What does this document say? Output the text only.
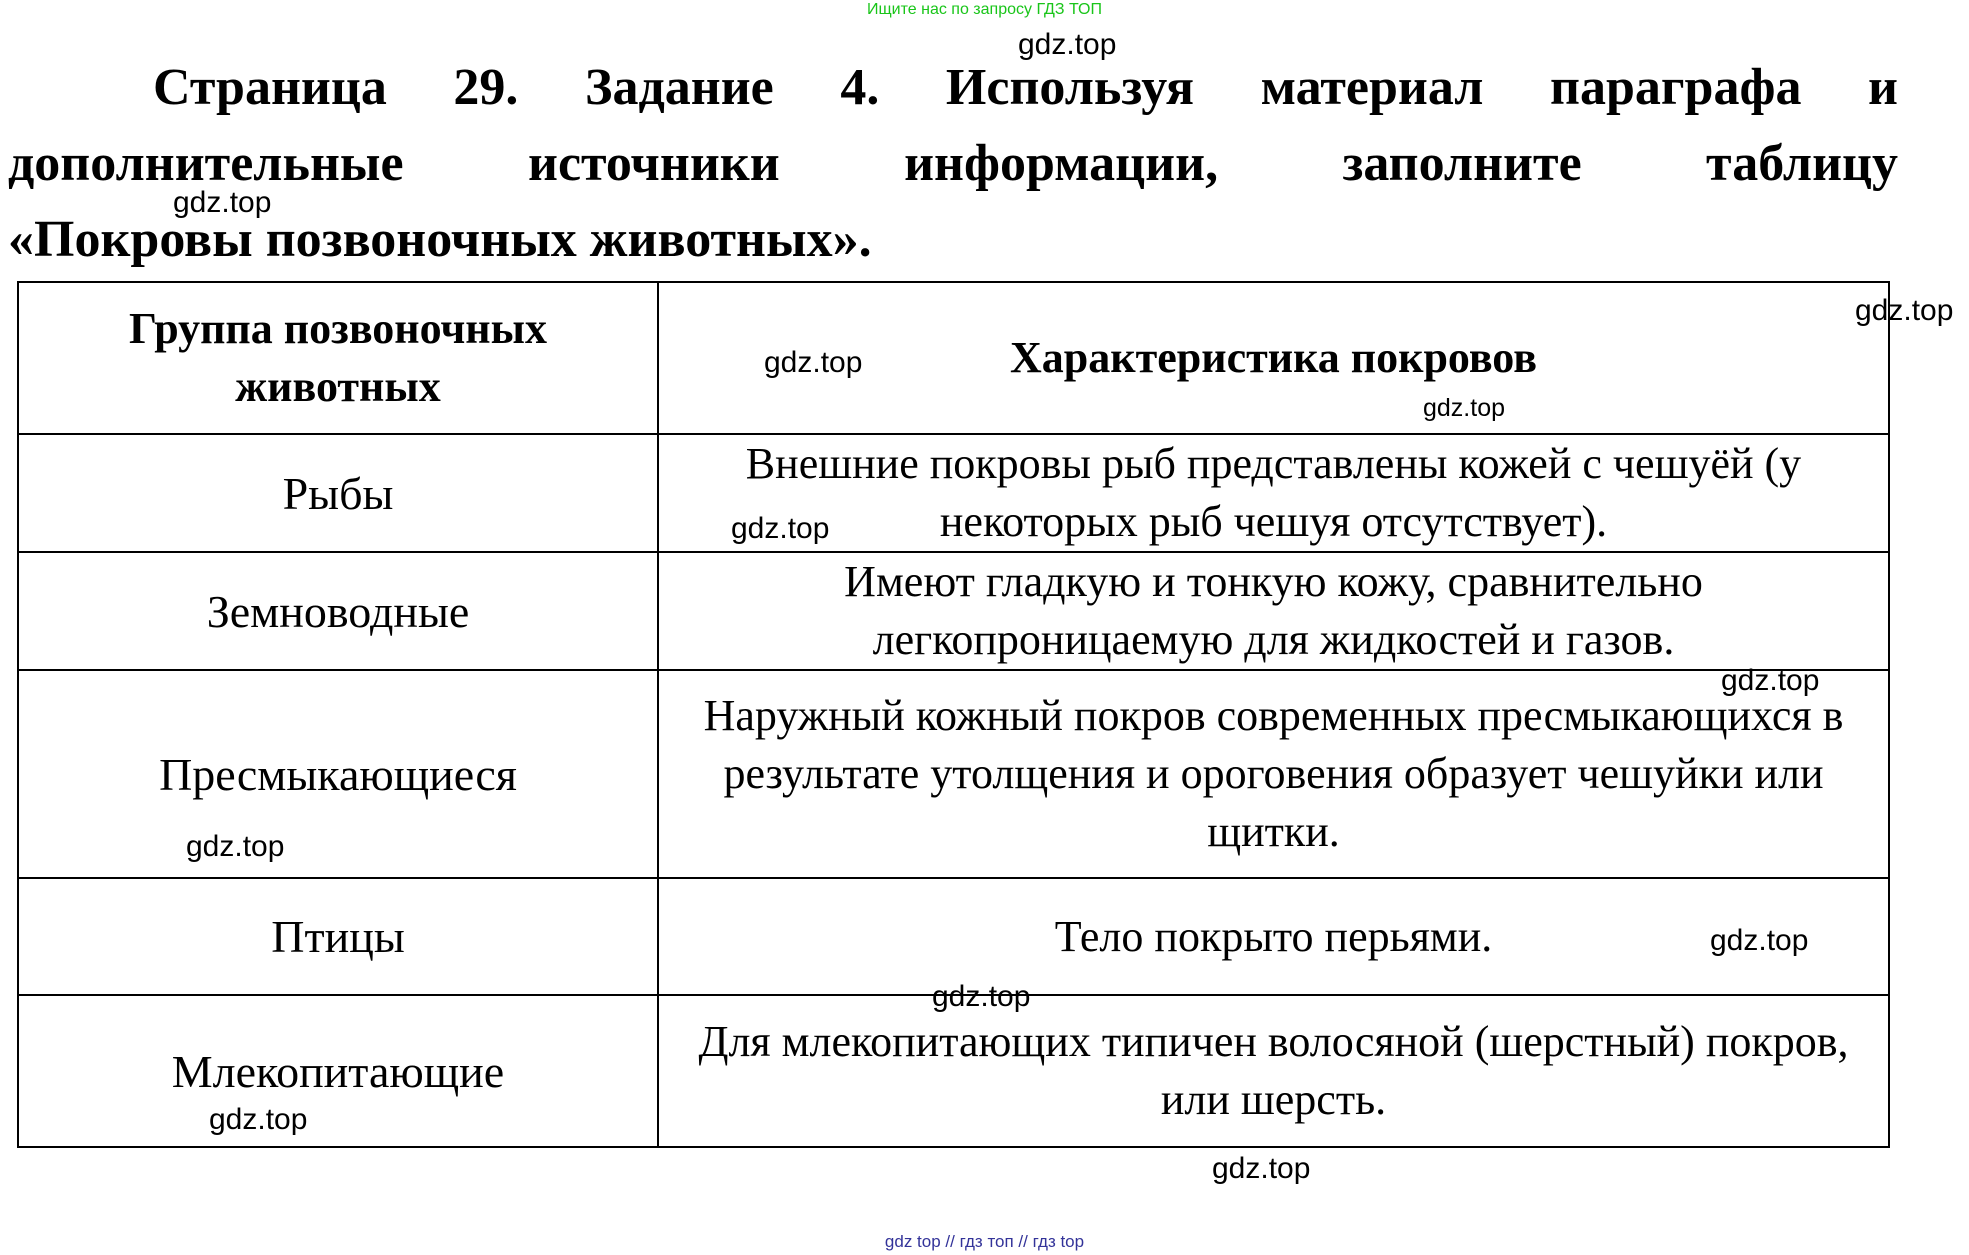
Ищите нас по запросу ГДЗ ТОП
Страница 29. Задание 4. Используя материал параграфа и
дополнительные источники информации, заполните таблицу
«Покровы позвоночных животных».
Группа позвоночных животных	Характеристика покровов
Рыбы	Внешние покровы рыб представлены кожей с чешуёй (у некоторых рыб чешуя отсутствует).
Земноводные	Имеют гладкую и тонкую кожу, сравнительно легкопроницаемую для жидкостей и газов.
Пресмыкающиеся	Наружный кожный покров современных пресмыкающихся в результате утолщения и ороговения образует чешуйки или щитки.
Птицы	Тело покрыто перьями.
Млекопитающие	Для млекопитающих типичен волосяной (шерстный) покров, или шерсть.
gdz.top
gdz.top
gdz.top
gdz.top
gdz.top
gdz.top
gdz.top
gdz.top
gdz.top
gdz.top
gdz.top
gdz.top
gdz top // гдз топ // гдз top
